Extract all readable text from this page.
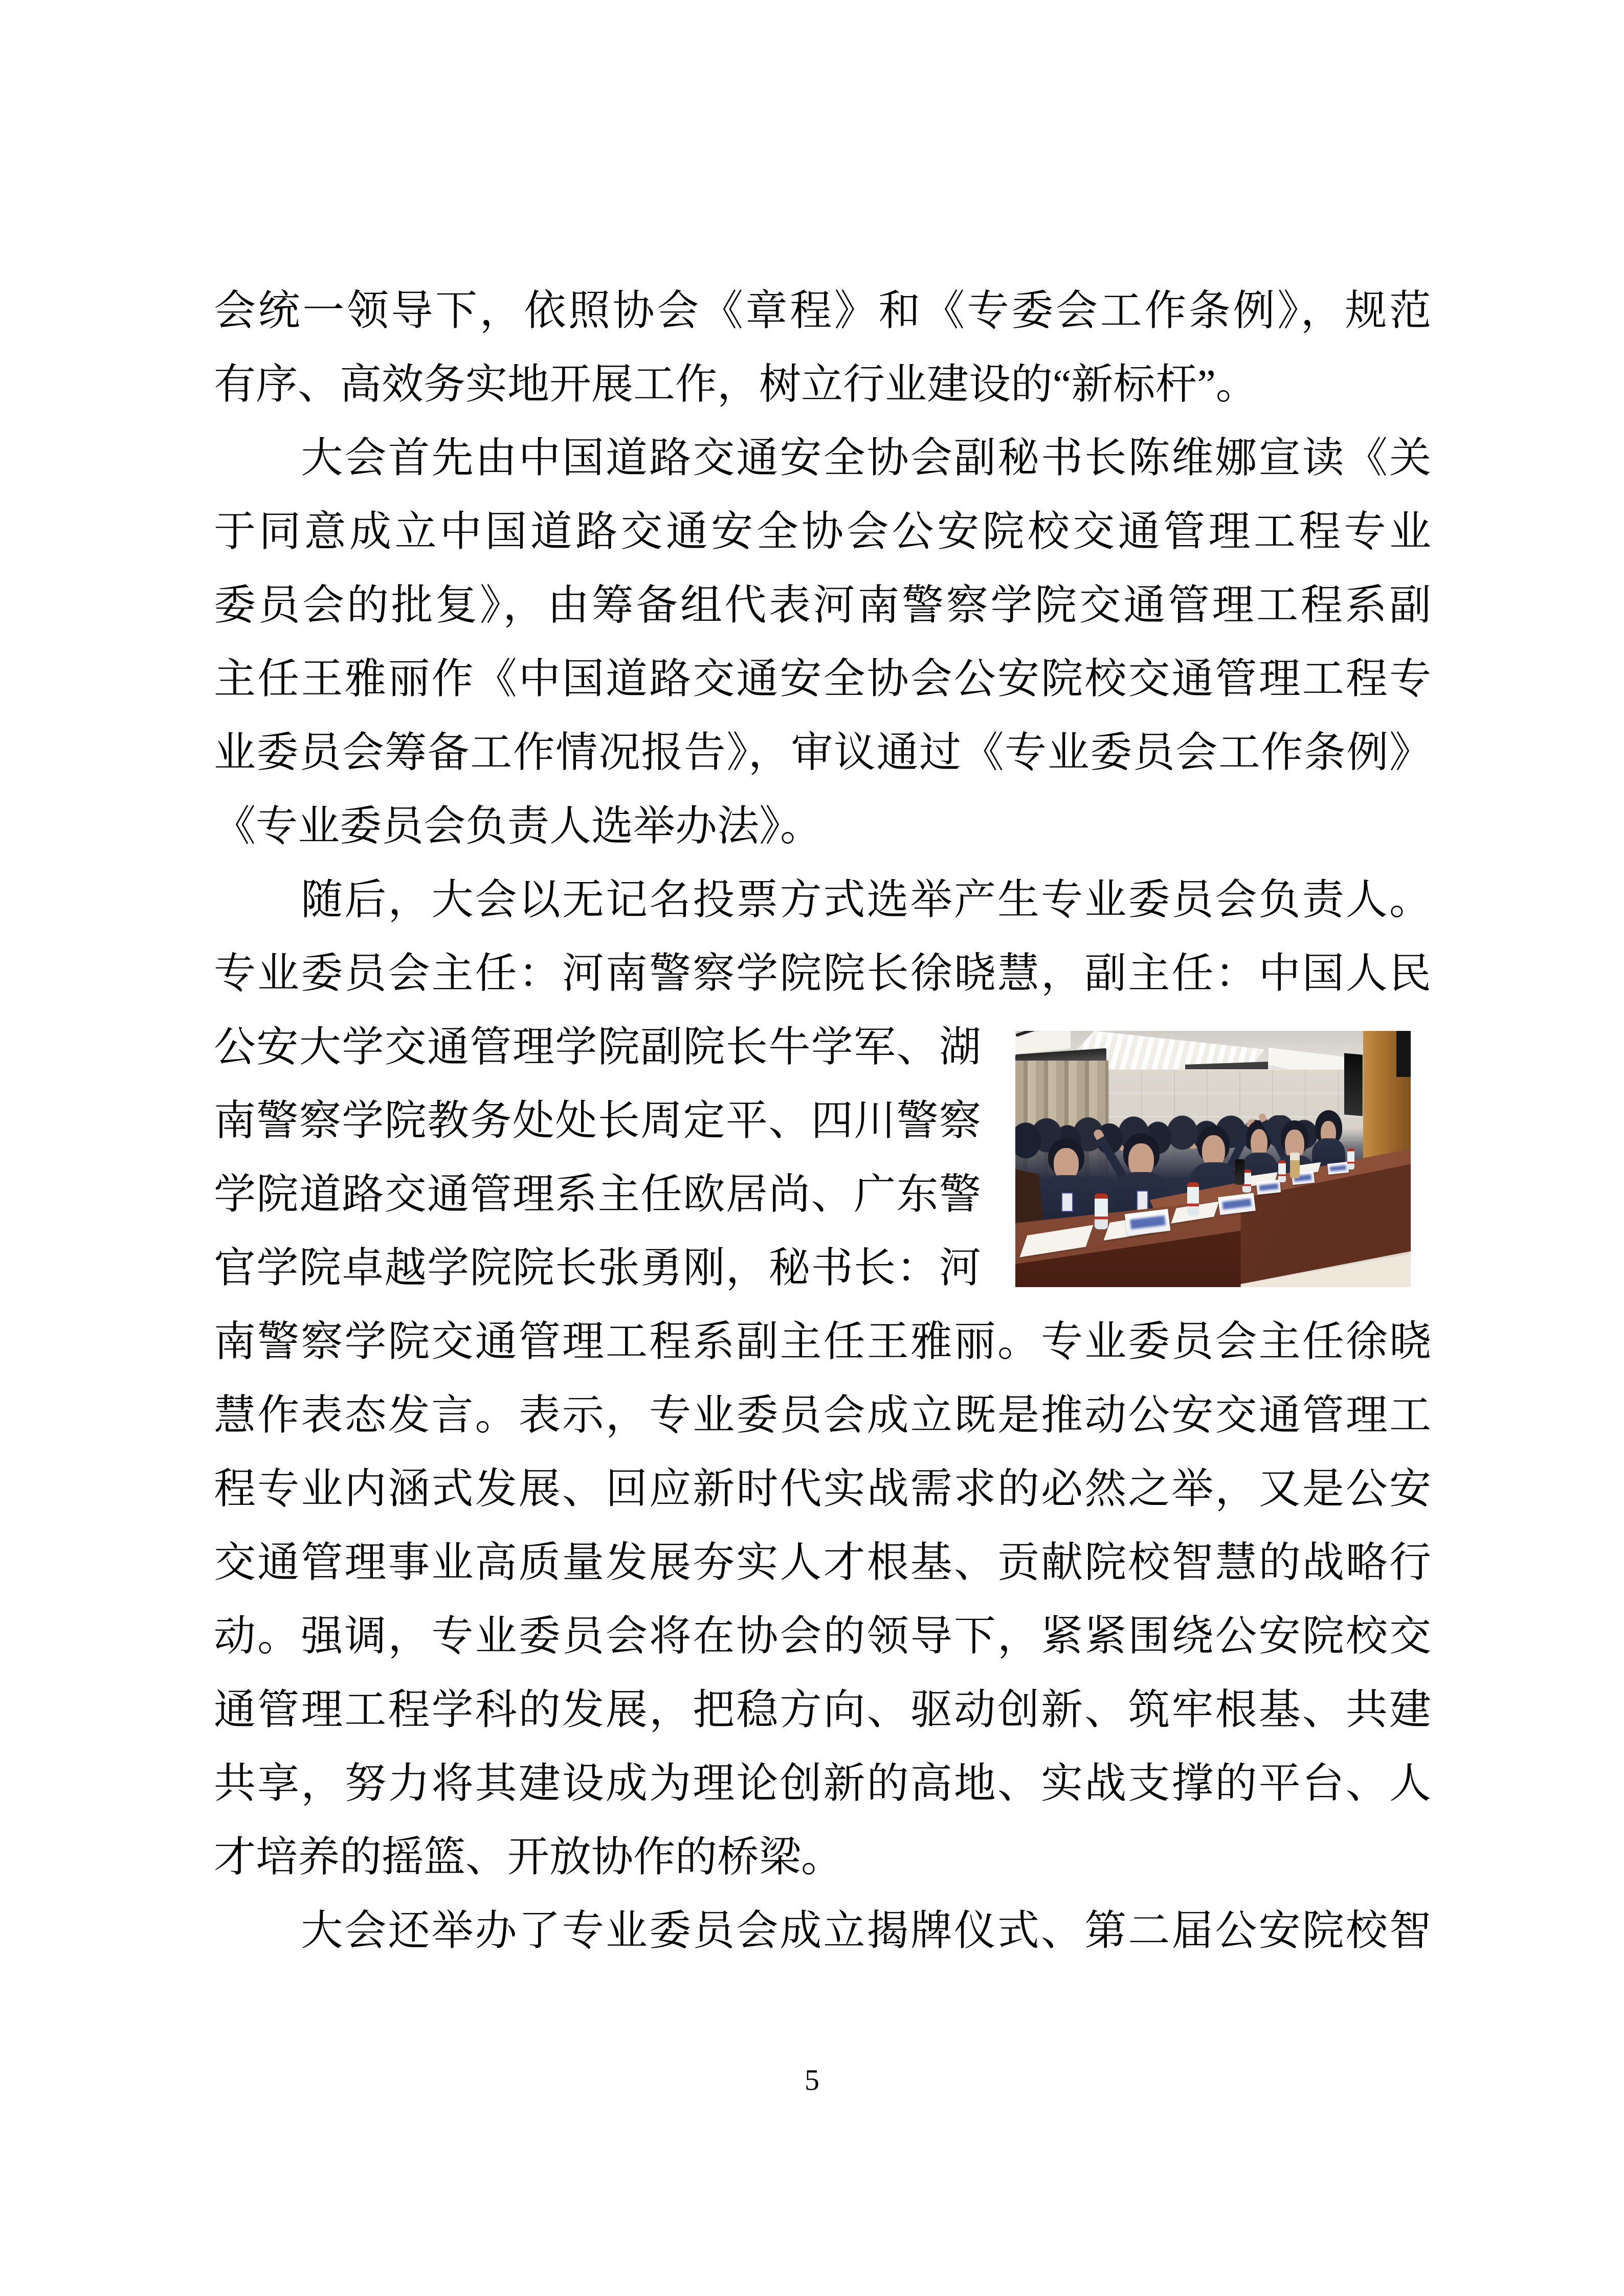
会统一领导下，依照协会《章程》和《专委会工作条例》，规范
有序、高效务实地开展工作，树立行业建设的“新标杆”。
　　大会首先由中国道路交通安全协会副秘书长陈维娜宣读《关
于同意成立中国道路交通安全协会公安院校交通管理工程专业
委员会的批复》，由筹备组代表河南警察学院交通管理工程系副
主任王雅丽作《中国道路交通安全协会公安院校交通管理工程专
业委员会筹备工作情况报告》，审议通过《专业委员会工作条例》
《专业委员会负责人选举办法》。
　　随后，大会以无记名投票方式选举产生专业委员会负责人。
专业委员会主任：河南警察学院院长徐晓慧，副主任：中国人民
公安大学交通管理学院副院长牛学军、湖
南警察学院教务处处长周定平、四川警察
学院道路交通管理系主任欧居尚、广东警
官学院卓越学院院长张勇刚，秘书长：河
南警察学院交通管理工程系副主任王雅丽。专业委员会主任徐晓
慧作表态发言。表示，专业委员会成立既是推动公安交通管理工
程专业内涵式发展、回应新时代实战需求的必然之举，又是公安
交通管理事业高质量发展夯实人才根基、贡献院校智慧的战略行
动。强调，专业委员会将在协会的领导下，紧紧围绕公安院校交
通管理工程学科的发展，把稳方向、驱动创新、筑牢根基、共建
共享，努力将其建设成为理论创新的高地、实战支撑的平台、人
才培养的摇篮、开放协作的桥梁。
　　大会还举办了专业委员会成立揭牌仪式、第二届公安院校智
5
